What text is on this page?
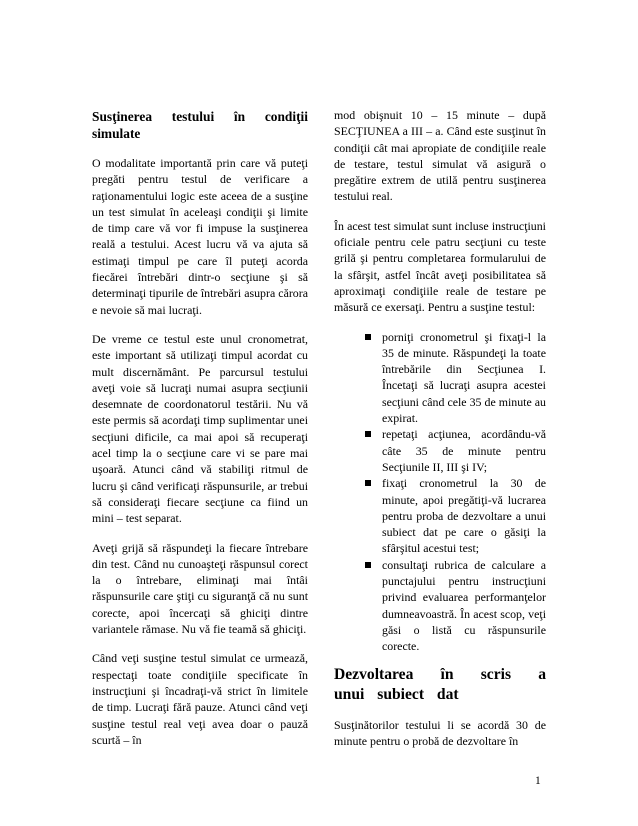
Susţinerea testului în condiţii simulate

O modalitate importantă prin care vă puteţi pregăti pentru testul de verificare a raţionamentului logic este aceea de a susţine un test simulat în aceleaşi condiţii şi limite de timp care vă vor fi impuse la susţinerea reală a testului. Acest lucru vă va ajuta să estimaţi timpul pe care îl puteţi acorda fiecărei întrebări dintr-o secţiune şi să determinaţi tipurile de întrebări asupra cărora e nevoie să mai lucraţi.

De vreme ce testul este unul cronometrat, este important să utilizaţi timpul acordat cu mult discernământ. Pe parcursul testului aveţi voie să lucraţi numai asupra secţiunii desemnate de coordonatorul testării. Nu vă este permis să acordaţi timp suplimentar unei secţiuni dificile, ca mai apoi să recuperaţi acel timp la o secţiune care vi se pare mai uşoară. Atunci când vă stabiliţi ritmul de lucru şi când verificaţi răspunsurile, ar trebui să consideraţi fiecare secţiune ca fiind un mini – test separat.

Aveţi grijă să răspundeţi la fiecare întrebare din test. Când nu cunoaşteţi răspunsul corect la o întrebare, eliminaţi mai întâi răspunsurile care ştiţi cu siguranţă că nu sunt corecte, apoi încercaţi să ghiciţi dintre variantele rămase. Nu vă fie teamă să ghiciţi.

Când veţi susţine testul simulat ce urmează, respectaţi toate condiţiile specificate în instrucţiuni şi încadraţi-vă strict în limitele de timp. Lucraţi fără pauze. Atunci când veţi susţine testul real veţi avea doar o pauză scurtă – în

mod obişnuit 10 – 15 minute – după SECŢIUNEA a III – a. Când este susţinut în condiţii cât mai apropiate de condiţiile reale de testare, testul simulat vă asigură o pregătire extrem de utilă pentru susţinerea testului real.

În acest test simulat sunt incluse instrucţiuni oficiale pentru cele patru secţiuni cu teste grilă şi pentru completarea formularului de la sfârşit, astfel încât aveţi posibilitatea să aproximaţi condiţiile reale de testare pe măsură ce exersaţi. Pentru a susţine testul:

porniţi cronometrul şi fixaţi-l la 35 de minute. Răspundeţi la toate întrebările din Secţiunea I. Încetaţi să lucraţi asupra acestei secţiuni când cele 35 de minute au expirat.
repetaţi acţiunea, acordându-vă câte 35 de minute pentru Secţiunile II, III şi IV;
fixaţi cronometrul la 30 de minute, apoi pregătiţi-vă lucrarea pentru proba de dezvoltare a unui subiect dat pe care o găsiţi la sfârşitul acestui test;
consultaţi rubrica de calculare a punctajului pentru instrucţiuni privind evaluarea performanţelor dumneavoastră. În acest scop, veţi găsi o listă cu răspunsurile corecte.
Dezvoltarea în scris a unui subiect dat

Susţinătorilor testului li se acordă 30 de minute pentru o probă de dezvoltare în

1
